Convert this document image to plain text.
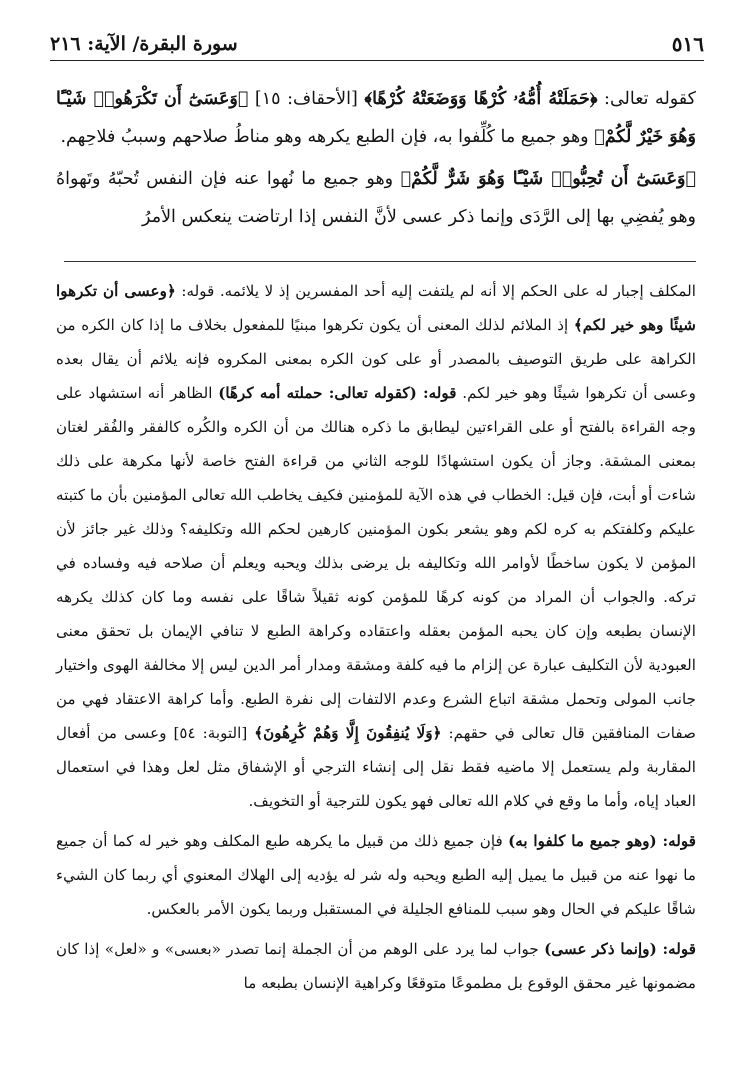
٥١٦
سورة البقرة/ الآية: ٢١٦

كقوله تعالى: ﴿حَمَلَتْهُ أُمُّهُۥ كُرْهًا وَوَضَعَتْهُ كُرْهًا﴾ [الأحقاف: ١٥] ﴿وَعَسَىٰٓ أَن تَكْرَهُوا۟ شَيْـًٔا وَهُوَ خَيْرٌ لَّكُمْ﴾ وهو جميع ما كُلِّفوا به، فإن الطبع يكرهه وهو مناطُ صلاحهم وسببُ فلاحِهم.

﴿وَعَسَىٰٓ أَن تُحِبُّوا۟ شَيْـًٔا وَهُوَ شَرٌّ لَّكُمْ﴾ وهو جميع ما نُهوا عنه فإن النفس تُحبّهُ وتَهواهُ وهو يُفضِي بها إلى الرَّدَى وإنما ذكر عسى لأنَّ النفس إذا ارتاضت ينعكس الأمرُ

المكلف إجبار له على الحكم إلا أنه لم يلتفت إليه أحد المفسرين إذ لا يلائمه. قوله: ﴿وعسى أن تكرهوا شيئًا وهو خير لكم﴾ إذ الملائم لذلك المعنى أن يكون تكرهوا مبنيًا للمفعول بخلاف ما إذا كان الكره من الكراهة على طريق التوصيف بالمصدر أو على كون الكره بمعنى المكروه فإنه يلائم أن يقال بعده وعسى أن تكرهوا شيئًا وهو خير لكم. قوله: (كقوله تعالى: حملته أمه كرهًا) الظاهر أنه استشهاد على وجه القراءة بالفتح أو على القراءتين ليطابق ما ذكره هنالك من أن الكره والكُره كالفقر والفُقر لغتان بمعنى المشقة. وجاز أن يكون استشهادًا للوجه الثاني من قراءة الفتح خاصة لأنها مكرهة على ذلك شاءت أو أبت، فإن قيل: الخطاب في هذه الآية للمؤمنين فكيف يخاطب الله تعالى المؤمنين بأن ما كتبته عليكم وكلفتكم به كره لكم وهو يشعر بكون المؤمنين كارهين لحكم الله وتكليفه؟ وذلك غير جائز لأن المؤمن لا يكون ساخطًا لأوامر الله وتكاليفه بل يرضى بذلك ويحبه ويعلم أن صلاحه فيه وفساده في تركه. والجواب أن المراد من كونه كرهًا للمؤمن كونه ثقيلاً شاقًا على نفسه وما كان كذلك يكرهه الإنسان بطبعه وإن كان يحبه المؤمن بعقله واعتقاده وكراهة الطبع لا تنافي الإيمان بل تحقق معنى العبودية لأن التكليف عبارة عن إلزام ما فيه كلفة ومشقة ومدار أمر الدين ليس إلا مخالفة الهوى واختيار جانب المولى وتحمل مشقة اتباع الشرع وعدم الالتفات إلى نفرة الطبع. وأما كراهة الاعتقاد فهي من صفات المنافقين قال تعالى في حقهم: ﴿وَلَا يُنفِقُونَ إِلَّا وَهُمْ كَٰرِهُونَ﴾ [التوبة: ٥٤] وعسى من أفعال المقاربة ولم يستعمل إلا ماضيه فقط نقل إلى إنشاء الترجي أو الإشفاق مثل لعل وهذا في استعمال العباد إياه، وأما ما وقع في كلام الله تعالى فهو يكون للترجية أو التخويف.

قوله: (وهو جميع ما كلفوا به) فإن جميع ذلك من قبيل ما يكرهه طبع المكلف وهو خير له كما أن جميع ما نهوا عنه من قبيل ما يميل إليه الطبع ويحبه وله شر له يؤديه إلى الهلاك المعنوي أي ربما كان الشيء شاقًا عليكم في الحال وهو سبب للمنافع الجليلة في المستقبل وربما يكون الأمر بالعكس.

قوله: (وإنما ذكر عسى) جواب لما يرد على الوهم من أن الجملة إنما تصدر «بعسى» و «لعل» إذا كان مضمونها غير محقق الوقوع بل مطموعًا متوقعًا وكراهية الإنسان بطبعه ما
